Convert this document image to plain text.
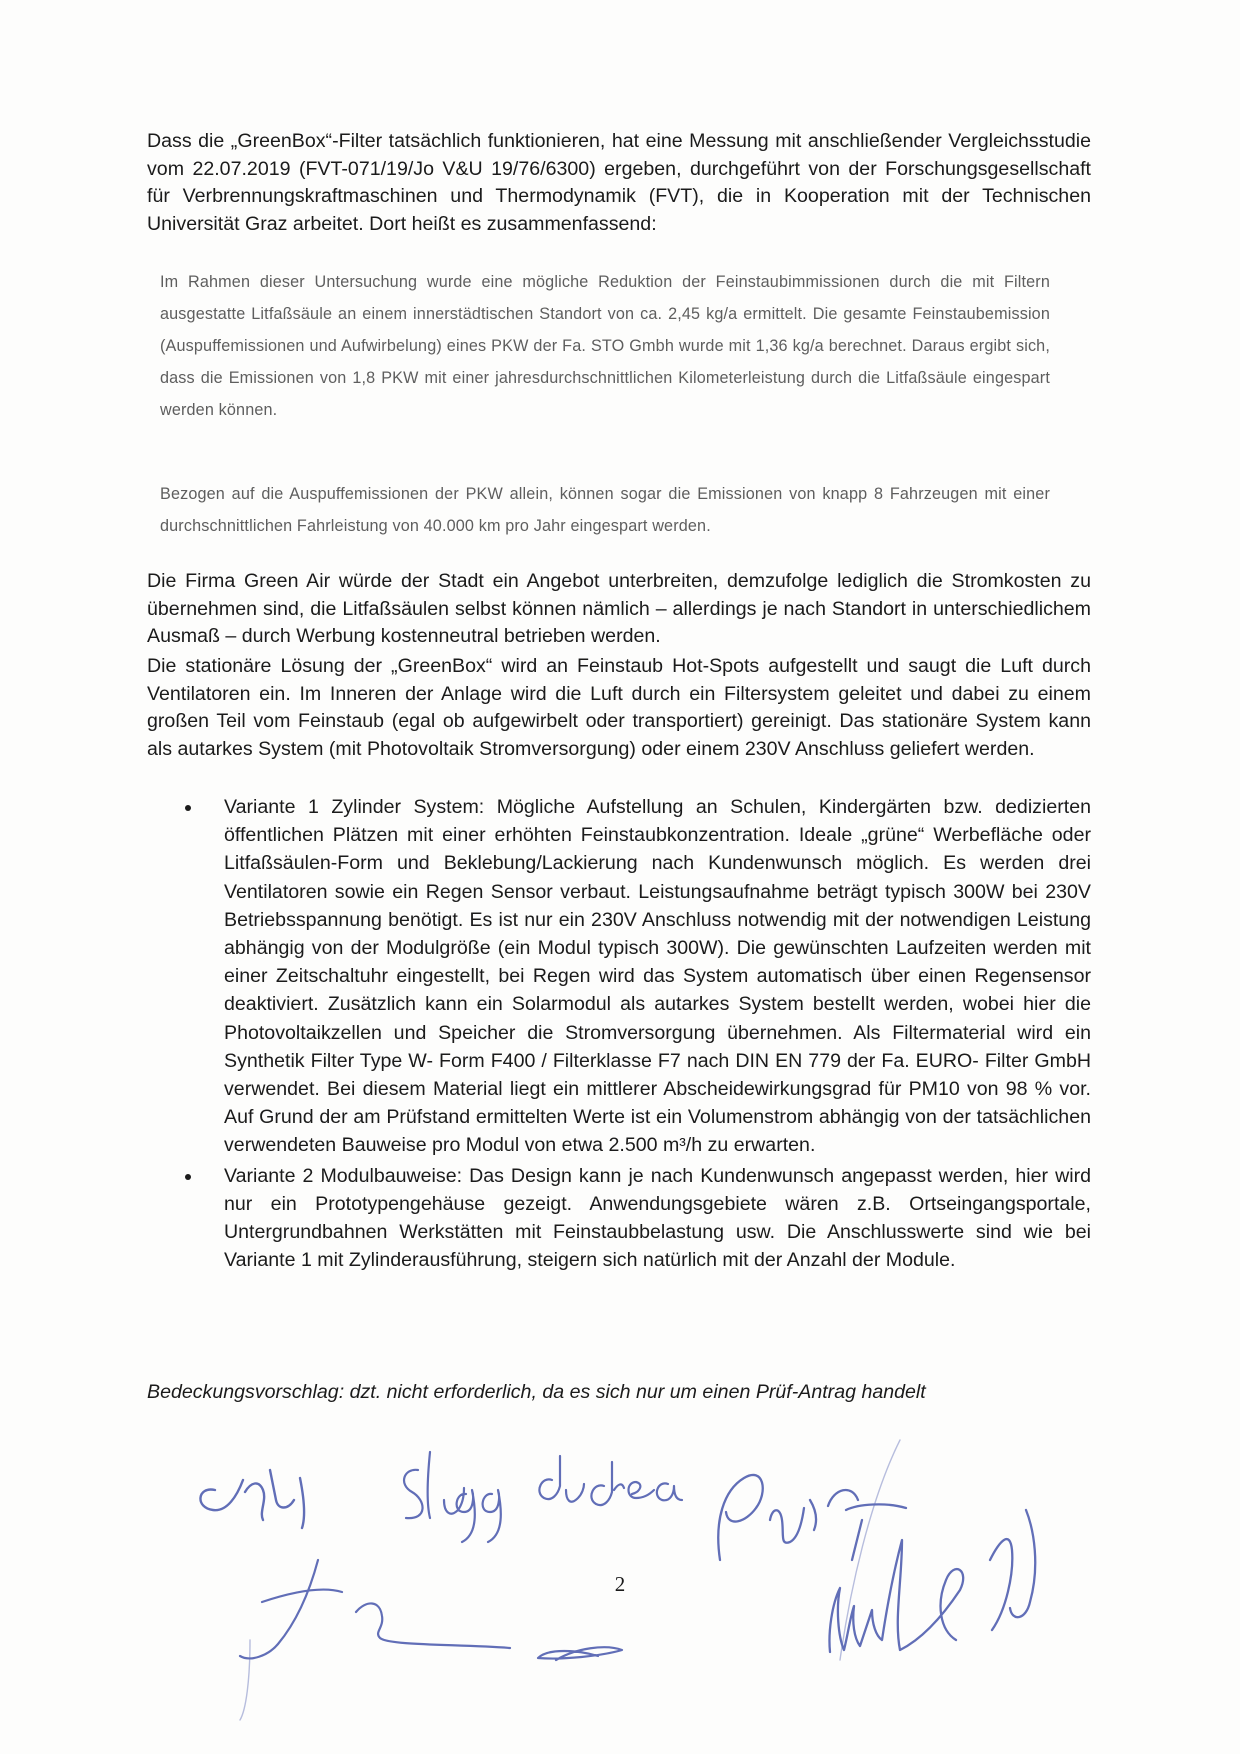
Dass die „GreenBox“-Filter tatsächlich funktionieren, hat eine Messung mit anschließender Vergleichsstudie vom 22.07.2019 (FVT-071/19/Jo V&U 19/76/6300) ergeben, durchgeführt von der Forschungsgesellschaft für Verbrennungskraftmaschinen und Thermodynamik (FVT), die in Kooperation mit der Technischen Universität Graz arbeitet. Dort heißt es zusammenfassend:

Im Rahmen dieser Untersuchung wurde eine mögliche Reduktion der Feinstaubimmissionen durch die mit Filtern ausgestatte Litfaßsäule an einem innerstädtischen Standort von ca. 2,45 kg/a ermittelt. Die gesamte Feinstaubemission (Auspuffemissionen und Aufwirbelung) eines PKW der Fa. STO Gmbh wurde mit 1,36 kg/a berechnet. Daraus ergibt sich, dass die Emissionen von 1,8 PKW mit einer jahresdurchschnittlichen Kilometerleistung durch die Litfaßsäule eingespart werden können.

Bezogen auf die Auspuffemissionen der PKW allein, können sogar die Emissionen von knapp 8 Fahrzeugen mit einer durchschnittlichen Fahrleistung von 40.000 km pro Jahr eingespart werden.

Die Firma Green Air würde der Stadt ein Angebot unterbreiten, demzufolge lediglich die Stromkosten zu übernehmen sind, die Litfaßsäulen selbst können nämlich – allerdings je nach Standort in unterschiedlichem Ausmaß – durch Werbung kostenneutral betrieben werden.

Die stationäre Lösung der „GreenBox“ wird an Feinstaub Hot-Spots aufgestellt und saugt die Luft durch Ventilatoren ein. Im Inneren der Anlage wird die Luft durch ein Filtersystem geleitet und dabei zu einem großen Teil vom Feinstaub (egal ob aufgewirbelt oder transportiert) gereinigt. Das stationäre System kann als autarkes System (mit Photovoltaik Stromversorgung) oder einem 230V Anschluss geliefert werden.

Variante 1 Zylinder System: Mögliche Aufstellung an Schulen, Kindergärten bzw. dedizierten öffentlichen Plätzen mit einer erhöhten Feinstaubkonzentration. Ideale „grüne“ Werbefläche oder Litfaßsäulen-Form und Beklebung/Lackierung nach Kundenwunsch möglich. Es werden drei Ventilatoren sowie ein Regen Sensor verbaut. Leistungsaufnahme beträgt typisch 300W bei 230V Betriebsspannung benötigt. Es ist nur ein 230V Anschluss notwendig mit der notwendigen Leistung abhängig von der Modulgröße (ein Modul typisch 300W). Die gewünschten Laufzeiten werden mit einer Zeitschaltuhr eingestellt, bei Regen wird das System automatisch über einen Regensensor deaktiviert. Zusätzlich kann ein Solarmodul als autarkes System bestellt werden, wobei hier die Photovoltaikzellen und Speicher die Stromversorgung übernehmen. Als Filtermaterial wird ein Synthetik Filter Type W- Form F400 / Filterklasse F7 nach DIN EN 779 der Fa. EURO- Filter GmbH verwendet. Bei diesem Material liegt ein mittlerer Abscheidewirkungsgrad für PM10 von 98 % vor. Auf Grund der am Prüfstand ermittelten Werte ist ein Volumenstrom abhängig von der tatsächlichen verwendeten Bauweise pro Modul von etwa 2.500 m³/h zu erwarten.
Variante 2 Modulbauweise: Das Design kann je nach Kundenwunsch angepasst werden, hier wird nur ein Prototypengehäuse gezeigt. Anwendungsgebiete wären z.B. Ortseingangsportale, Untergrundbahnen Werkstätten mit Feinstaubbelastung usw. Die Anschlusswerte sind wie bei Variante 1 mit Zylinderausführung, steigern sich natürlich mit der Anzahl der Module.

Bedeckungsvorschlag: dzt. nicht erforderlich, da es sich nur um einen Prüf-Antrag handelt

2
